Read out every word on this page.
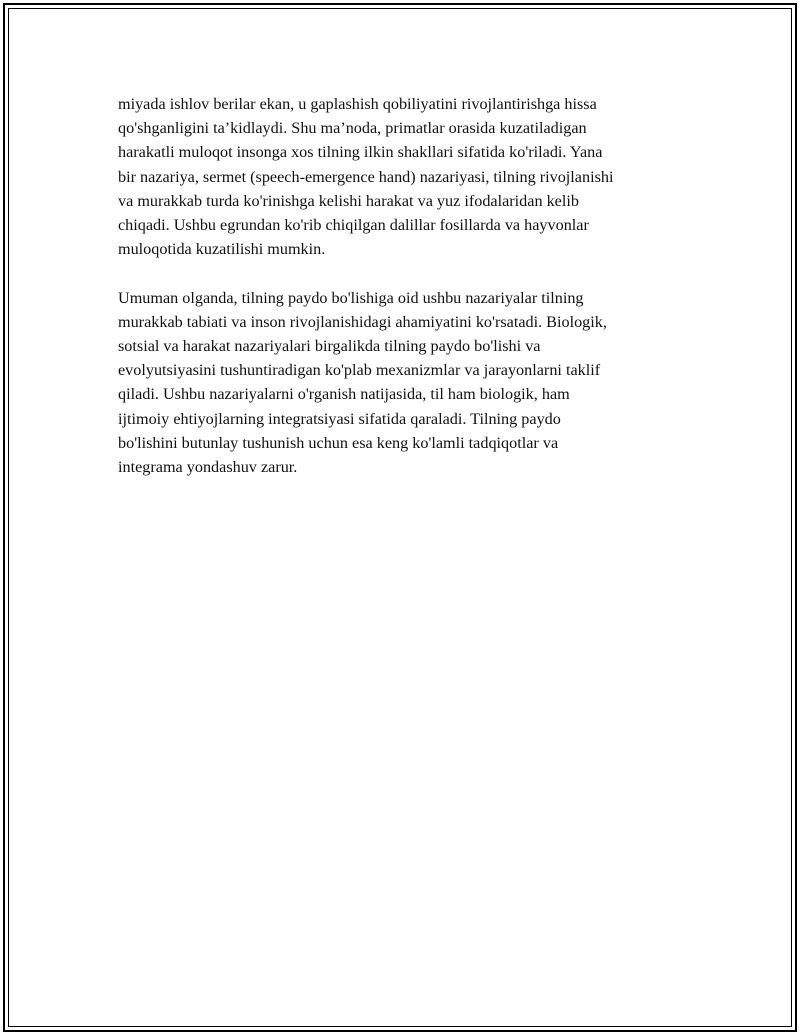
miyada ishlov berilar ekan, u gaplashish qobiliyatini rivojlantirishga hissa
qo'shganligini ta’kidlaydi. Shu ma’noda, primatlar orasida kuzatiladigan
harakatli muloqot insonga xos tilning ilkin shakllari sifatida ko'riladi. Yana
bir nazariya, sermet (speech-emergence hand) nazariyasi, tilning rivojlanishi
va murakkab turda ko'rinishga kelishi harakat va yuz ifodalaridan kelib
chiqadi. Ushbu egrundan ko'rib chiqilgan dalillar fosillarda va hayvonlar
muloqotida kuzatilishi mumkin.

Umuman olganda, tilning paydo bo'lishiga oid ushbu nazariyalar tilning
murakkab tabiati va inson rivojlanishidagi ahamiyatini ko'rsatadi. Biologik,
sotsial va harakat nazariyalari birgalikda tilning paydo bo'lishi va
evolyutsiyasini tushuntiradigan ko'plab mexanizmlar va jarayonlarni taklif
qiladi. Ushbu nazariyalarni o'rganish natijasida, til ham biologik, ham
ijtimoiy ehtiyojlarning integratsiyasi sifatida qaraladi. Tilning paydo
bo'lishini butunlay tushunish uchun esa keng ko'lamli tadqiqotlar va
integrama yondashuv zarur.
